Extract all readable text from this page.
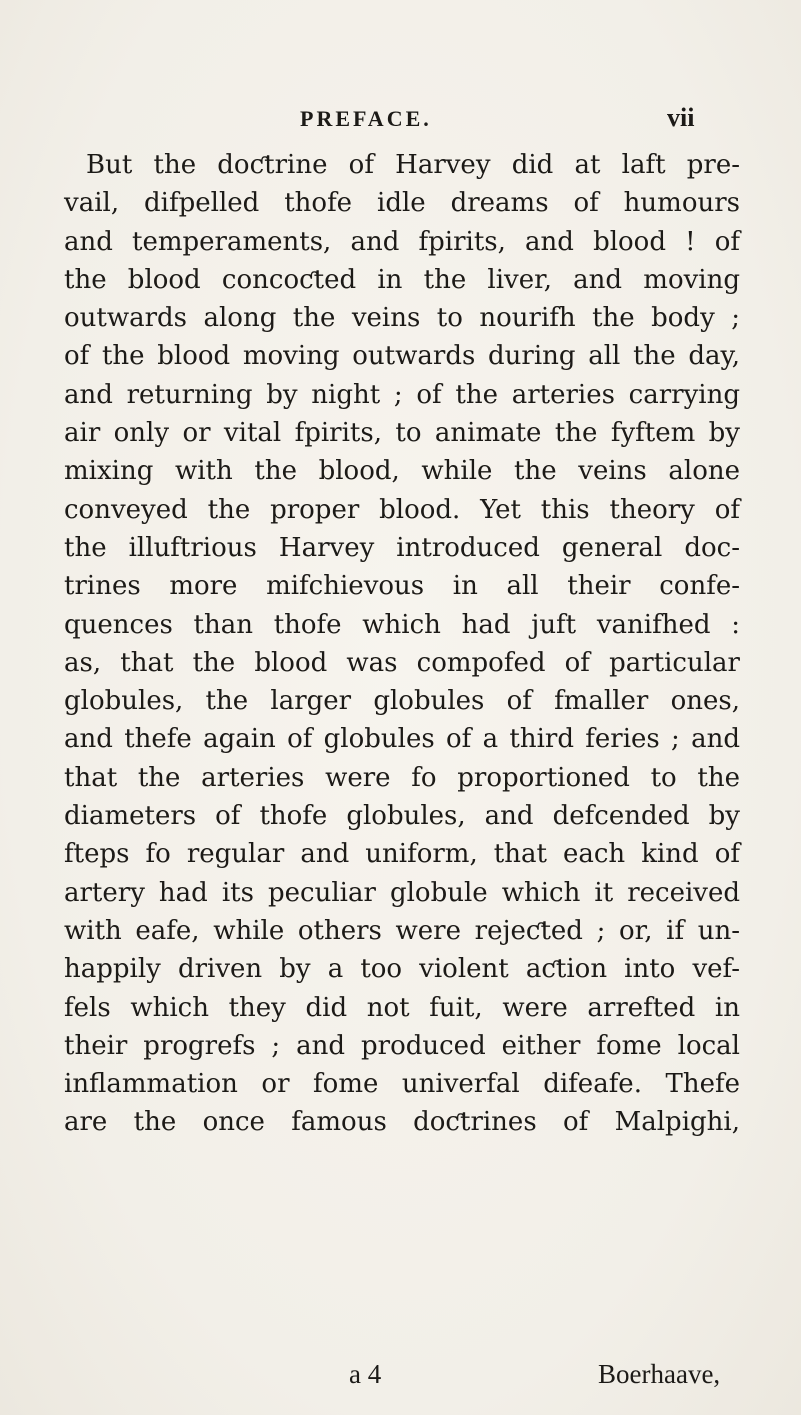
PREFACE.	vii
But the doƈtrine of Harvey did at laft pre-
vail, difpelled thofe idle dreams of humours
and temperaments, and fpirits, and blood ! of
the blood concoƈted in the liver, and moving
outwards along the veins to nourifh the body ;
of the blood moving outwards during all the day,
and returning by night ; of the arteries carrying
air only or vital fpirits, to animate the fyftem by
mixing with the blood, while the veins alone
conveyed the proper blood. Yet this theory of
the illuftrious Harvey introduced general doc-
trines more mifchievous in all their confe-
quences than thofe which had juft vanifhed :
as, that the blood was compofed of particular
globules, the larger globules of fmaller ones,
and thefe again of globules of a third feries ; and
that the arteries were fo proportioned to the
diameters of thofe globules, and defcended by
fteps fo regular and uniform, that each kind of
artery had its peculiar globule which it received
with eafe, while others were rejeƈted ; or, if un-
happily driven by a too violent aƈtion into vef-
fels which they did not fuit, were arrefted in
their progrefs ; and produced either fome local
inflammation or fome univerfal difeafe. Thefe
are the once famous doƈtrines of Malpighi,
a 4	Boerhaave,
